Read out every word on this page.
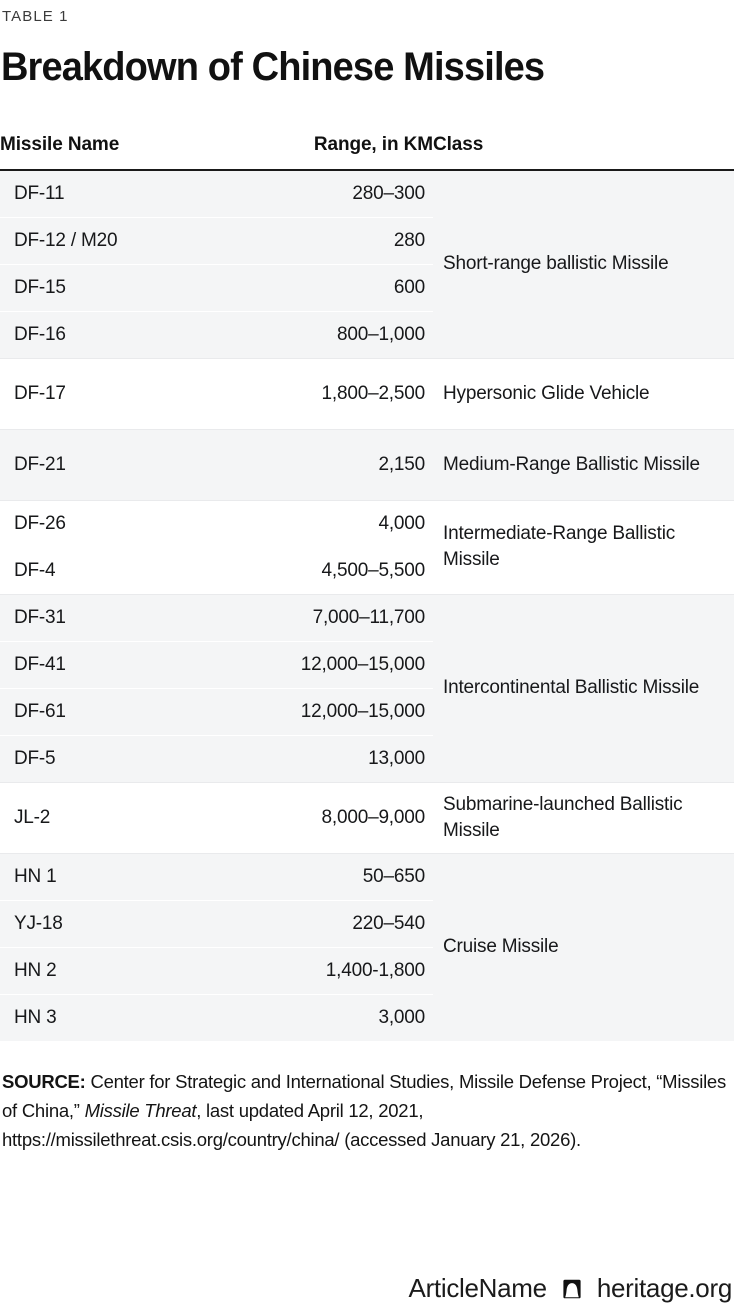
TABLE 1
Breakdown of Chinese Missiles
Missile Name	Range, in KM	Class
DF-11	280–300	Short-range ballistic Missile
DF-12 / M20	280	
DF-15	600	
DF-16	800–1,000	
DF-17	1,800–2,500	Hypersonic Glide Vehicle
DF-21	2,150	Medium-Range Ballistic Missile
DF-26	4,000	Intermediate-Range Ballistic Missile
DF-4	4,500–5,500	
DF-31	7,000–11,700	Intercontinental Ballistic Missile
DF-41	12,000–15,000	
DF-61	12,000–15,000	
DF-5	13,000	
JL-2	8,000–9,000	Submarine-launched Ballistic Missile
HN 1	50–650	Cruise Missile
YJ-18	220–540	
HN 2	1,400-1,800	
HN 3	3,000	
SOURCE: Center for Strategic and International Studies, Missile Defense Project, “Missiles of China,” Missile Threat, last updated April 12, 2021, https://missilethreat.csis.org/country/china/ (accessed January 21, 2026).
ArticleName heritage.org
